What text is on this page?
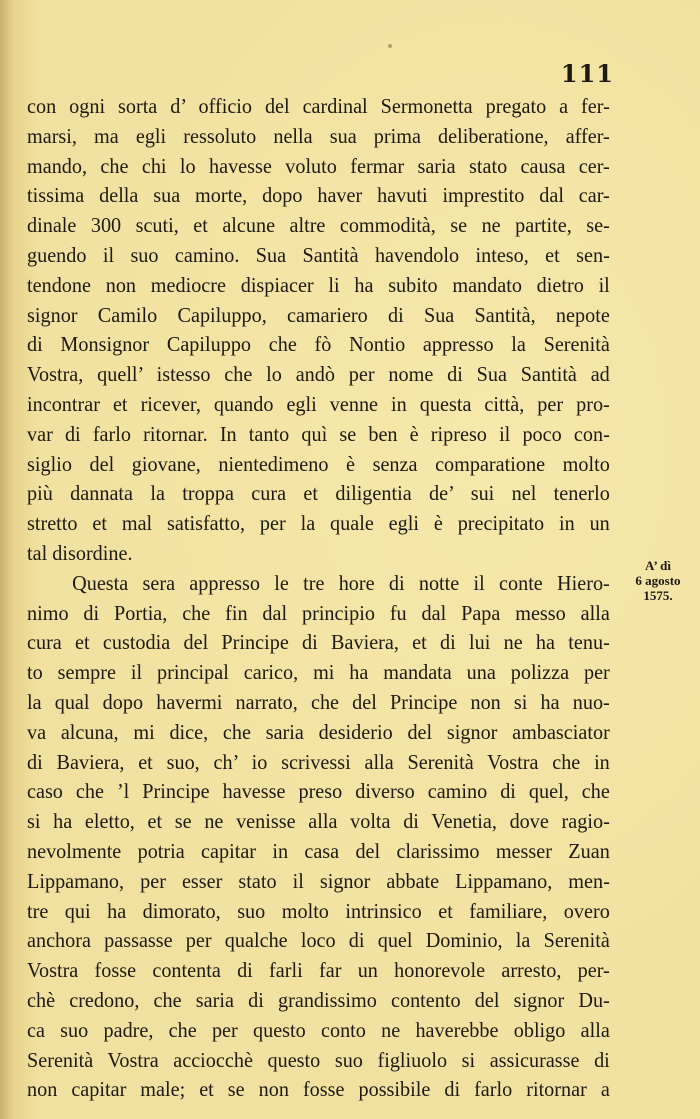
111
con ogni sorta d’ officio del cardinal Sermonetta pregato a fer-
marsi, ma egli ressoluto nella sua prima deliberatione, affer-
mando, che chi lo havesse voluto fermar saria stato causa cer-
tissima della sua morte, dopo haver havuti imprestito dal car-
dinale 300 scuti, et alcune altre commodità, se ne partite, se-
guendo il suo camino. Sua Santità havendolo inteso, et sen-
tendone non mediocre dispiacer li ha subito mandato dietro il
signor Camilo Capiluppo, camariero di Sua Santità, nepote
di Monsignor Capiluppo che fò Nontio appresso la Serenità
Vostra, quell’ istesso che lo andò per nome di Sua Santità ad
incontrar et ricever, quando egli venne in questa città, per pro-
var di farlo ritornar. In tanto quì se ben è ripreso il poco con-
siglio del giovane, nientedimeno è senza comparatione molto
più dannata la troppa cura et diligentia de’ sui nel tenerlo
stretto et mal satisfatto, per la quale egli è precipitato in un
tal disordine.
Questa sera appresso le tre hore di notte il conte Hiero-
nimo di Portia, che fin dal principio fu dal Papa messo alla
cura et custodia del Principe di Baviera, et di lui ne ha tenu-
to sempre il principal carico, mi ha mandata una polizza per
la qual dopo havermi narrato, che del Principe non si ha nuo-
va alcuna, mi dice, che saria desiderio del signor ambasciator
di Baviera, et suo, ch’ io scrivessi alla Serenità Vostra che in
caso che ’l Principe havesse preso diverso camino di quel, che
si ha eletto, et se ne venisse alla volta di Venetia, dove ragio-
nevolmente potria capitar in casa del clarissimo messer Zuan
Lippamano, per esser stato il signor abbate Lippamano, men-
tre qui ha dimorato, suo molto intrinsico et familiare, overo
anchora passasse per qualche loco di quel Dominio, la Serenità
Vostra fosse contenta di farli far un honorevole arresto, per-
chè credono, che saria di grandissimo contento del signor Du-
ca suo padre, che per questo conto ne haverebbe obligo alla
Serenità Vostra acciocchè questo suo figliuolo si assicurasse di
non capitar male; et se non fosse possibile di farlo ritornar a
A’ dì
6 agosto
1575.
